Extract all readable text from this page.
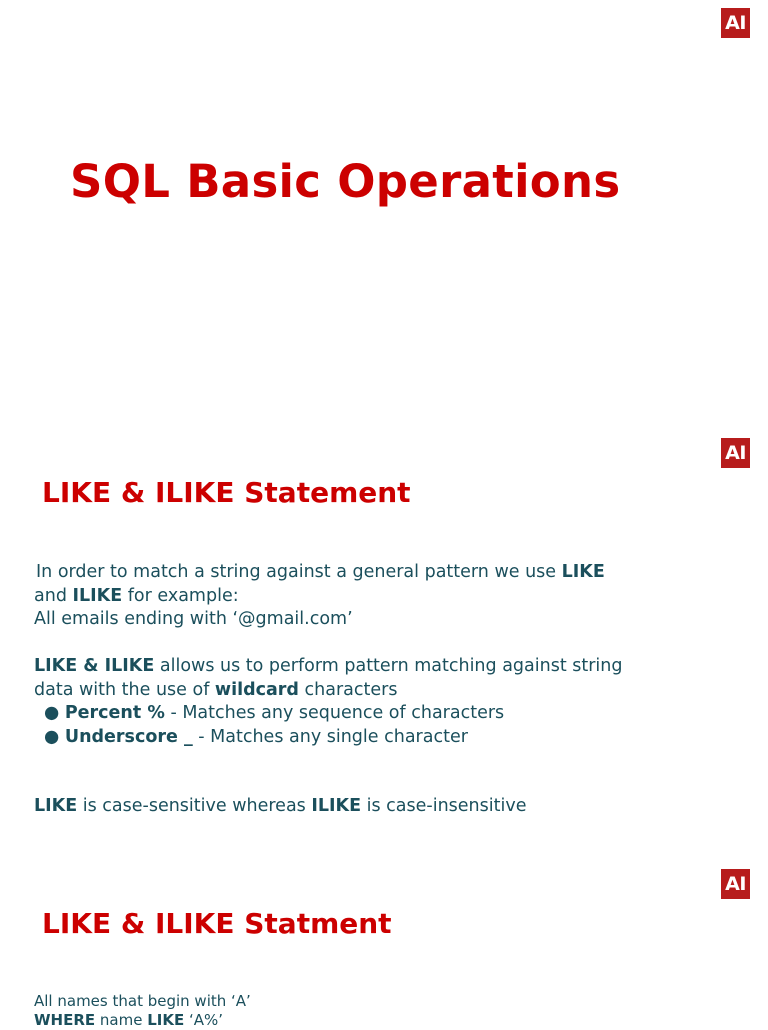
AI
SQL Basic Operations
AI
LIKE & ILIKE Statement
In order to match a string against a general pattern we use LIKE
and ILIKE for example:
All emails ending with ‘@gmail.com’
LIKE & ILIKE allows us to perform pattern matching against string
data with the use of wildcard characters
● Percent % - Matches any sequence of characters
● Underscore _ - Matches any single character
LIKE is case-sensitive whereas ILIKE is case-insensitive
AI
LIKE & ILIKE Statment
All names that begin with ‘A’
WHERE name LIKE ‘A%’
